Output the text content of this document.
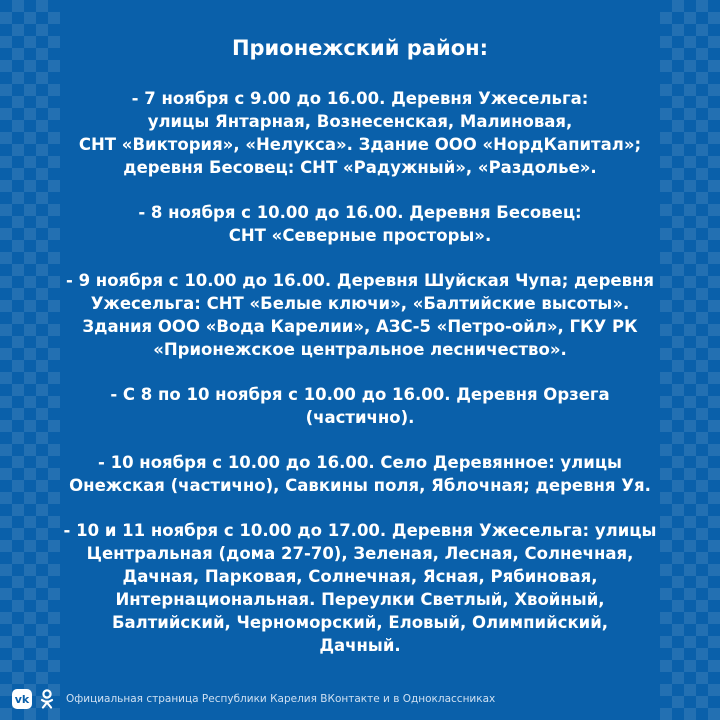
Прионежский район:
- 7 ноября с 9.00 до 16.00. Деревня Ужесельга:
улицы Янтарная, Вознесенская, Малиновая,
СНТ «Виктория», «Нелукса». Здание ООО «НордКапитал»;
деревня Бесовец: СНТ «Радужный», «Раздолье».
- 8 ноября с 10.00 до 16.00. Деревня Бесовец:
СНТ «Северные просторы».
- 9 ноября с 10.00 до 16.00. Деревня Шуйская Чупа; деревня
Ужесельга: СНТ «Белые ключи», «Балтийские высоты».
Здания ООО «Вода Карелии», АЗС-5 «Петро-ойл», ГКУ РК
«Прионежское центральное лесничество».
- С 8 по 10 ноября с 10.00 до 16.00. Деревня Орзега
(частично).
- 10 ноября с 10.00 до 16.00. Село Деревянное: улицы
Онежская (частично), Савкины поля, Яблочная; деревня Уя.
- 10 и 11 ноября с 10.00 до 17.00. Деревня Ужесельга: улицы
Центральная (дома 27-70), Зеленая, Лесная, Солнечная,
Дачная, Парковая, Солнечная, Ясная, Рябиновая,
Интернациональная. Переулки Светлый, Хвойный,
Балтийский, Черноморский, Еловый, Олимпийский,
Дачный.
vk	Официальная страница Республики Карелия ВКонтакте и в Одноклассниках
